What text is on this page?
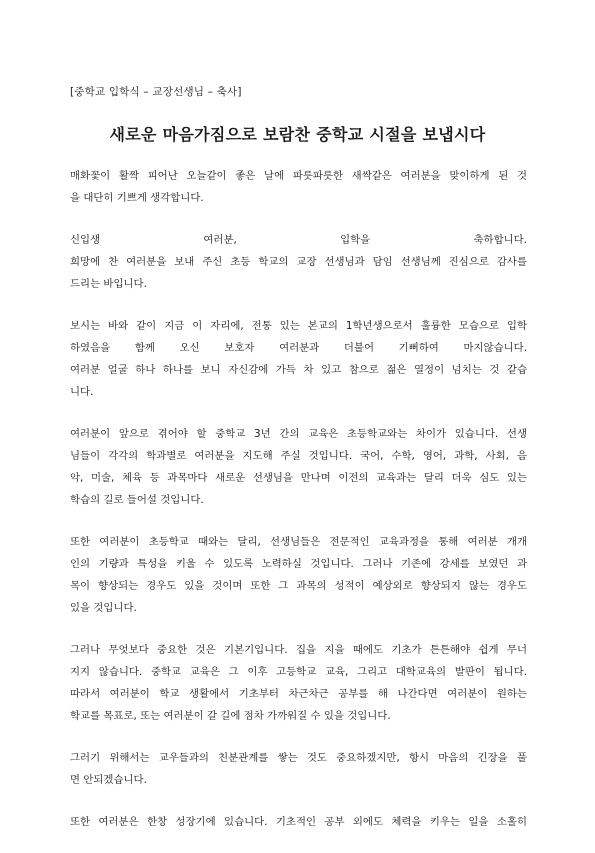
[중학교 입학식 – 교장선생님 – 축사]
새로운 마음가짐으로 보람찬 중학교 시절을 보냅시다
매화꽃이 활짝 피어난 오늘같이 좋은 날에 파릇파릇한 새싹같은 여러분을 맞이하게 된 것
을 대단히 기쁘게 생각합니다.
신입생 여러분, 입학을 축하합니다.
희망에 찬 여러분을 보내 주신 초등 학교의 교장 선생님과 담임 선생님께 진심으로 감사를
드리는 바입니다.
보시는 바와 같이 지금 이 자리에, 전통 있는 본교의 1학년생으로서 훌륭한 모습으로 입학
하였음을 함께 오신 보호자 여러분과 더불어 기뻐하여 마지않습니다.
여러분 얼굴 하나 하나를 보니 자신감에 가득 차 있고 참으로 젊은 열정이 넘치는 것 같습
니다.
여러분이 앞으로 겪어야 할 중학교 3년 간의 교육은 초등학교와는 차이가 있습니다. 선생
님들이 각각의 학과별로 여러분을 지도해 주실 것입니다. 국어, 수학, 영어, 과학, 사회, 음
악, 미술, 체육 등 과목마다 새로운 선생님을 만나며 이전의 교육과는 달리 더욱 심도 있는
학습의 길로 들어설 것입니다.
또한 여러분이 초등학교 때와는 달리, 선생님들은 전문적인 교육과정을 통해 여러분 개개
인의 기량과 특성을 키울 수 있도록 노력하실 것입니다. 그러나 기존에 강세를 보였던 과
목이 향상되는 경우도 있을 것이며 또한 그 과목의 성적이 예상외로 향상되지 않는 경우도
있을 것입니다.
그러나 무엇보다 중요한 것은 기본기입니다. 집을 지을 때에도 기초가 튼튼해야 쉽게 무너
지지 않습니다. 중학교 교육은 그 이후 고등학교 교육, 그리고 대학교육의 발판이 됩니다.
따라서 여러분이 학교 생활에서 기초부터 차근차근 공부를 해 나간다면 여러분이 원하는
학교를 목표로, 또는 여러분이 갈 길에 점차 가까워질 수 있을 것입니다.
그러기 위해서는 교우들과의 친분관계를 쌓는 것도 중요하겠지만, 항시 마음의 긴장을 풀
면 안되겠습니다.
또한 여러분은 한창 성장기에 있습니다. 기초적인 공부 외에도 체력을 키우는 일을 소홀히
